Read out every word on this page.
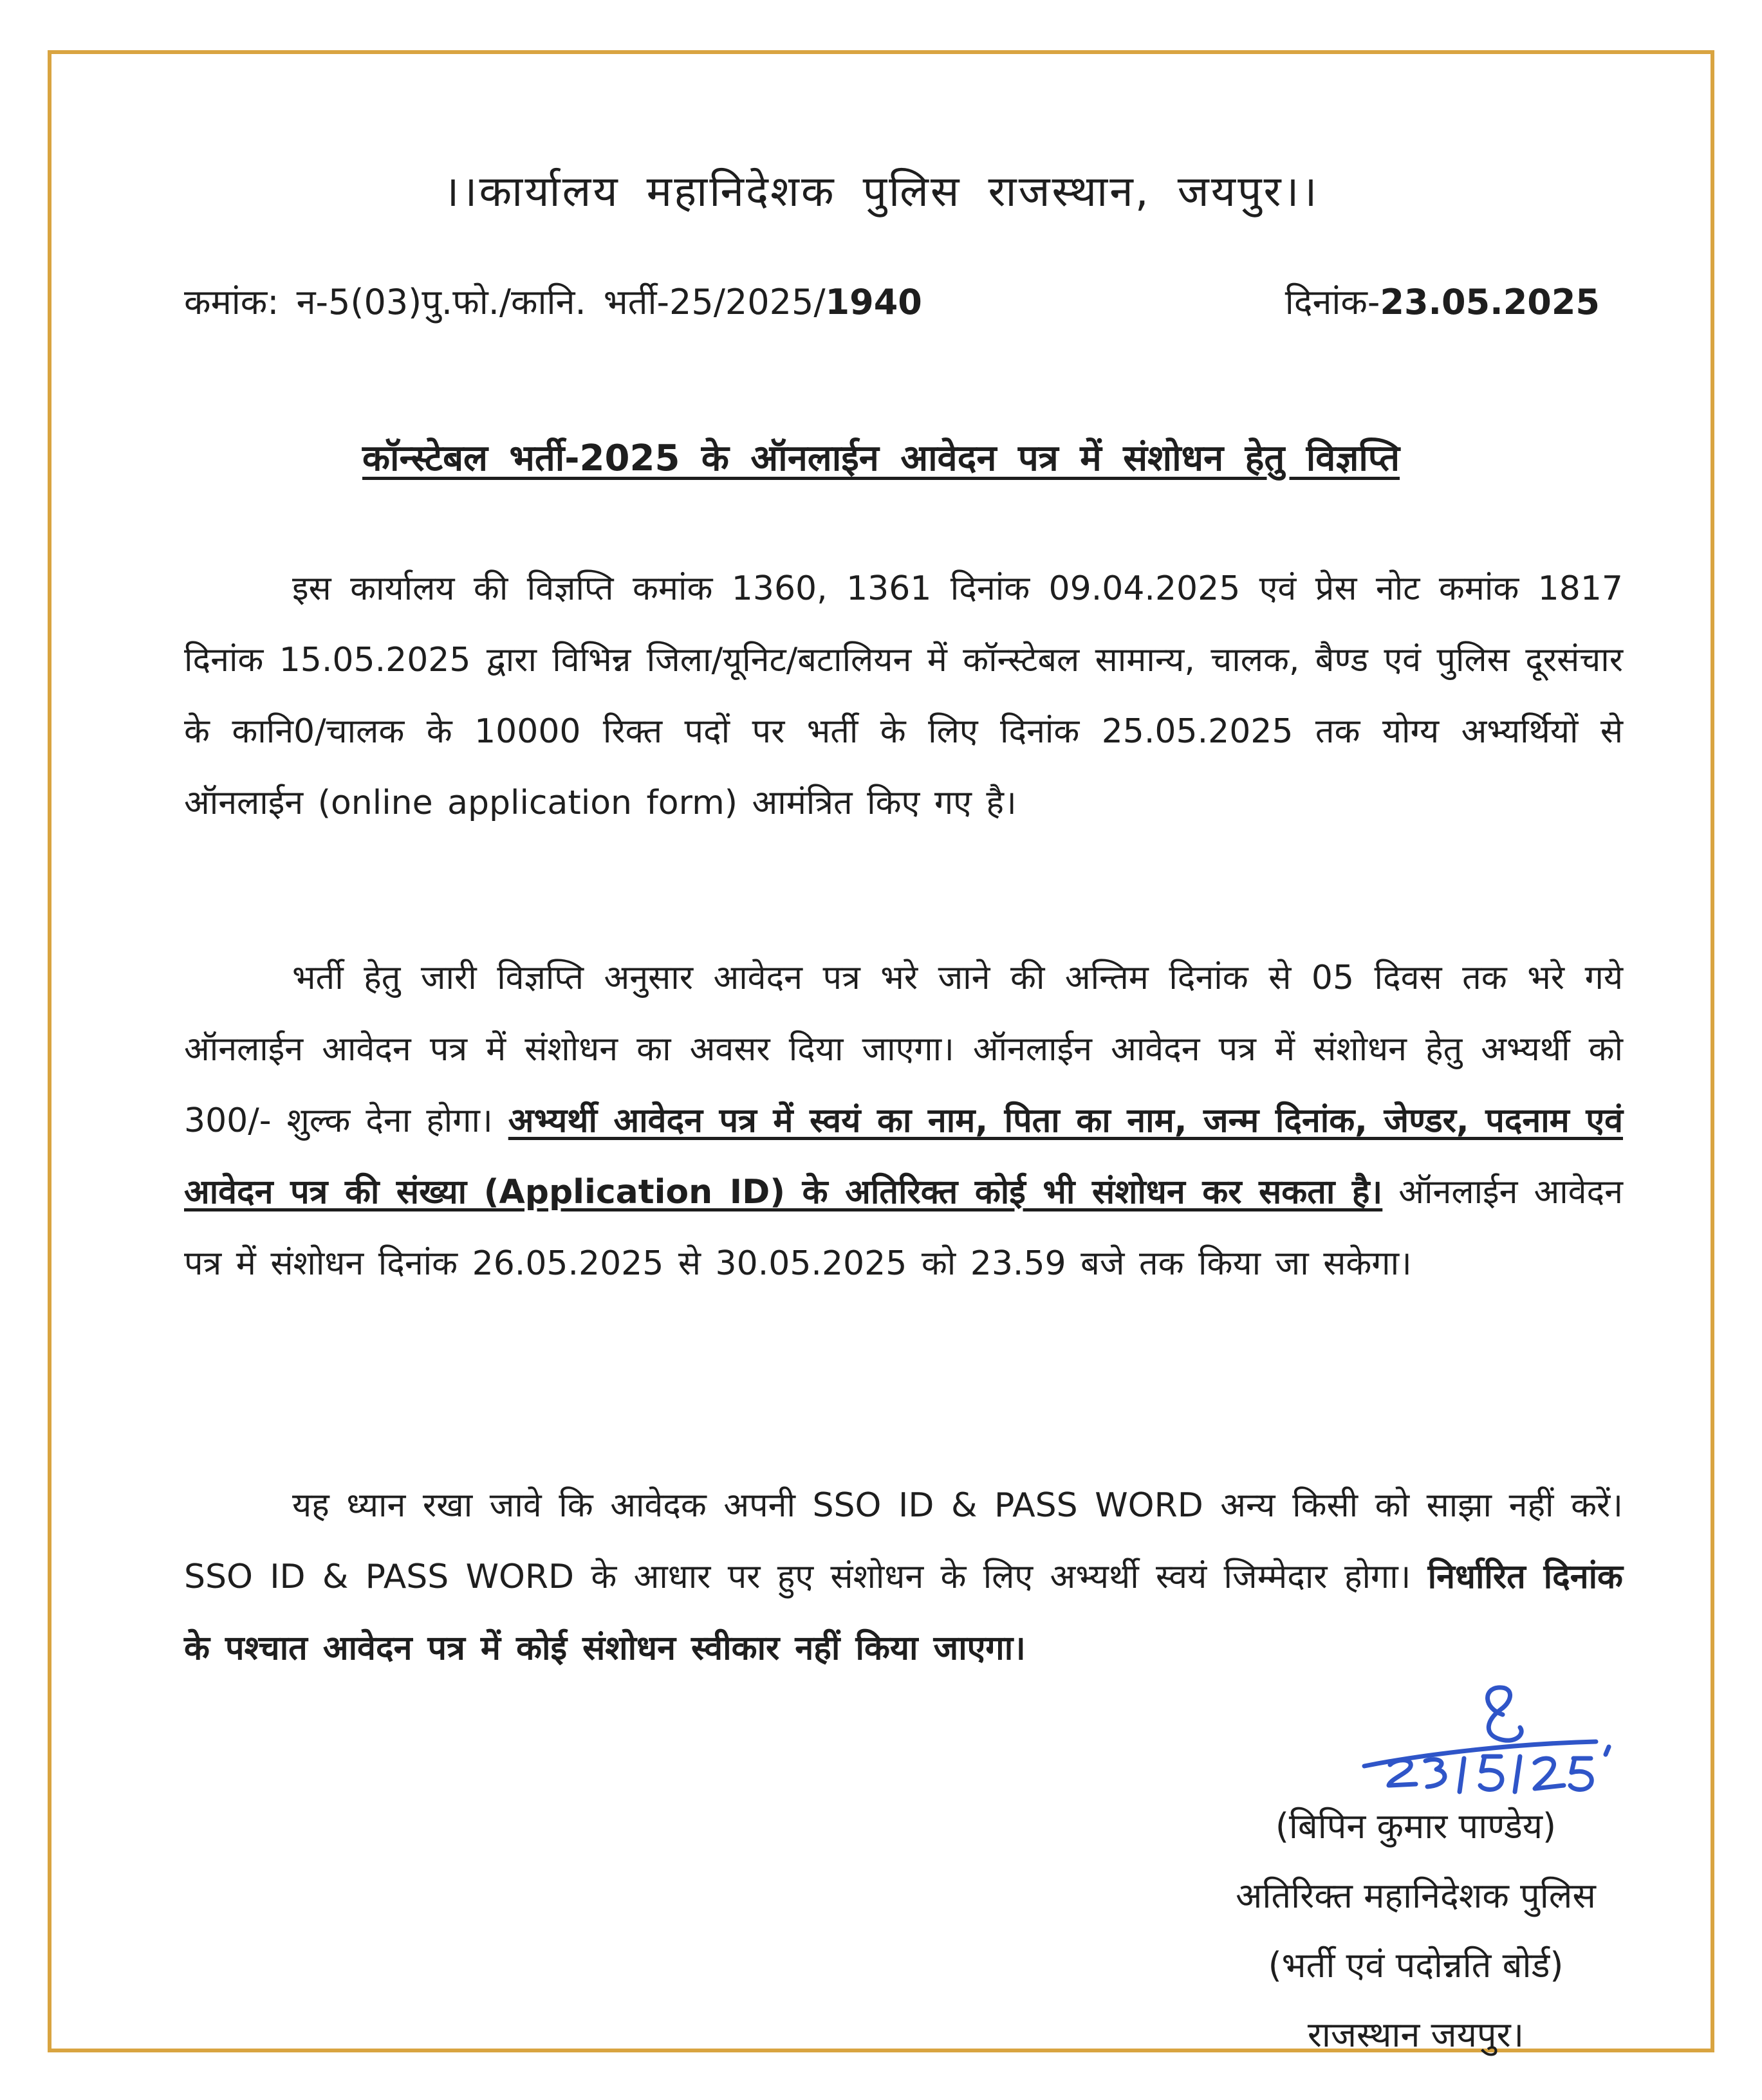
।।कार्यालय महानिदेशक पुलिस राजस्थान, जयपुर।।
कमांक: न-5(03)पु.फो./कानि. भर्ती-25/2025/1940	दिनांक-23.05.2025
कॉन्स्टेबल भर्ती-2025 के ऑनलाईन आवेदन पत्र में संशोधन हेतु विज्ञप्ति
इस कार्यालय की विज्ञप्ति कमांक 1360, 1361 दिनांक 09.04.2025 एवं प्रेस नोट कमांक 1817 दिनांक 15.05.2025 द्वारा विभिन्न जिला/यूनिट/बटालियन में कॉन्स्टेबल सामान्य, चालक, बैण्ड एवं पुलिस दूरसंचार के कानि0/चालक के 10000 रिक्त पदों पर भर्ती के लिए दिनांक 25.05.2025 तक योग्य अभ्यर्थियों से ऑनलाईन (online application form) आमंत्रित किए गए है।
भर्ती हेतु जारी विज्ञप्ति अनुसार आवेदन पत्र भरे जाने की अन्तिम दिनांक से 05 दिवस तक भरे गये ऑनलाईन आवेदन पत्र में संशोधन का अवसर दिया जाएगा। ऑनलाईन आवेदन पत्र में संशोधन हेतु अभ्यर्थी को 300/- शुल्क देना होगा। अभ्यर्थी आवेदन पत्र में स्वयं का नाम, पिता का नाम, जन्म दिनांक, जेण्डर, पदनाम एवं आवेदन पत्र की संख्या (Application ID) के अतिरिक्त कोई भी संशोधन कर सकता है। ऑनलाईन आवेदन पत्र में संशोधन दिनांक 26.05.2025 से 30.05.2025 को 23.59 बजे तक किया जा सकेगा।
यह ध्यान रखा जावे कि आवेदक अपनी SSO ID & PASS WORD अन्य किसी को साझा नहीं करें। SSO ID & PASS WORD के आधार पर हुए संशोधन के लिए अभ्यर्थी स्वयं जिम्मेदार होगा। निर्धारित दिनांक के पश्चात आवेदन पत्र में कोई संशोधन स्वीकार नहीं किया जाएगा।
23/5/25
(बिपिन कुमार पाण्डेय)
अतिरिक्त महानिदेशक पुलिस
(भर्ती एवं पदोन्नति बोर्ड)
राजस्थान जयपुर।
